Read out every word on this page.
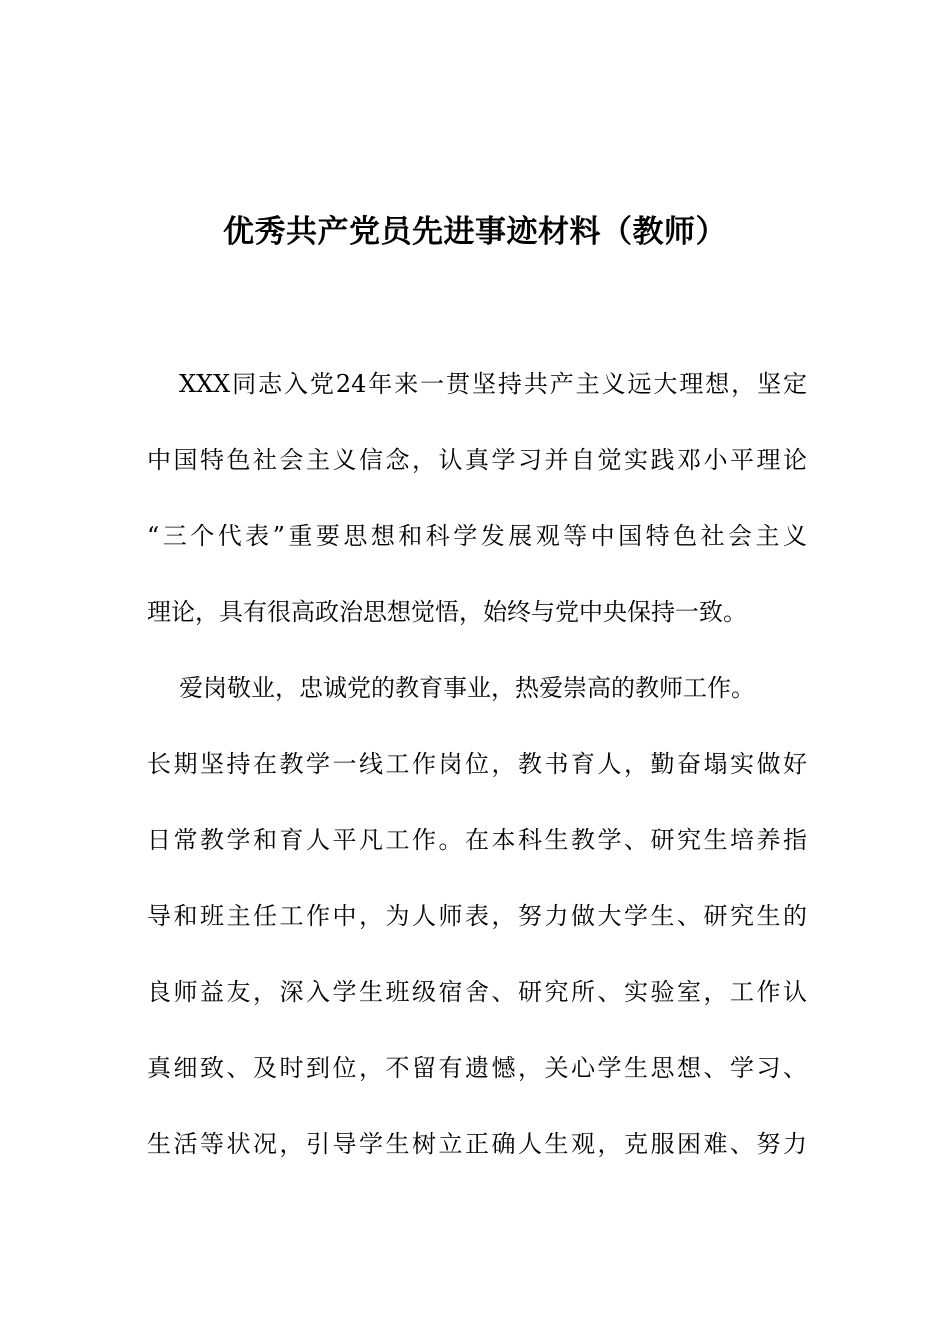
优秀共产党员先进事迹材料（教师）
XXX同志入党24年来一贯坚持共产主义远大理想，坚定
中国特色社会主义信念，认真学习并自觉实践邓小平理论
“三个代表”重要思想和科学发展观等中国特色社会主义
理论，具有很高政治思想觉悟，始终与党中央保持一致。
爱岗敬业，忠诚党的教育事业，热爱崇高的教师工作。
长期坚持在教学一线工作岗位，教书育人，勤奋塌实做好
日常教学和育人平凡工作。在本科生教学、研究生培养指
导和班主任工作中，为人师表，努力做大学生、研究生的
良师益友，深入学生班级宿舍、研究所、实验室，工作认
真细致、及时到位，不留有遗憾，关心学生思想、学习、
生活等状况，引导学生树立正确人生观，克服困难、努力
